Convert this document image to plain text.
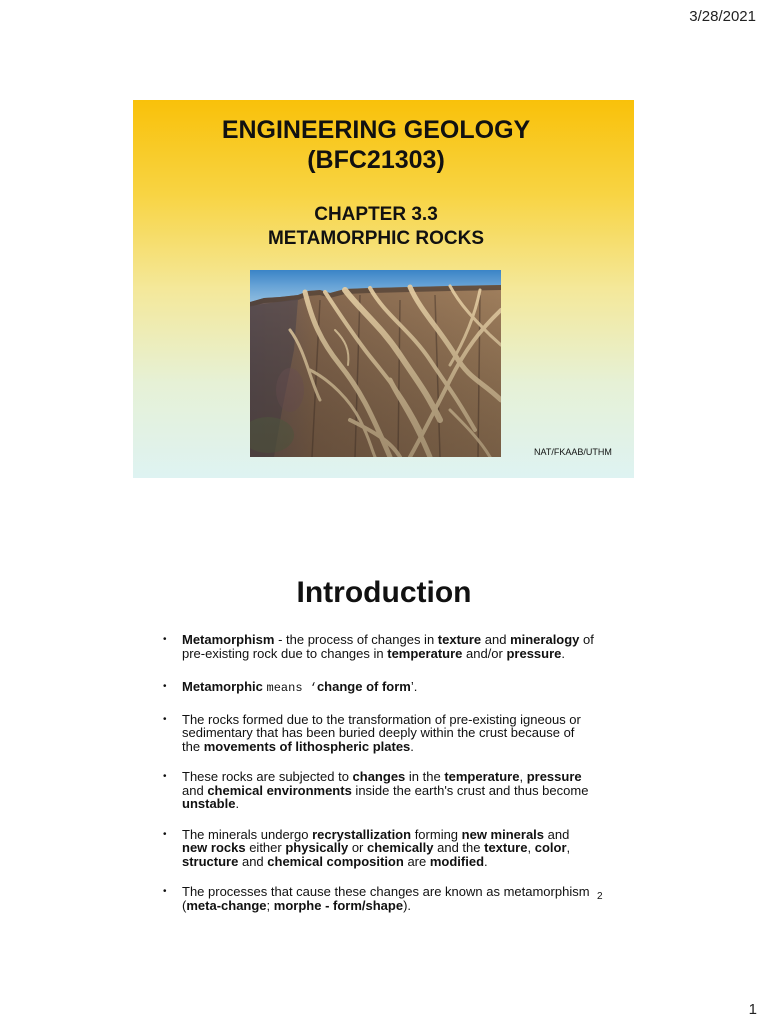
3/28/2021
ENGINEERING GEOLOGY
(BFC21303)
CHAPTER 3.3
METAMORPHIC ROCKS
NAT/FKAAB/UTHM
Introduction
•	Metamorphism - the process of changes in texture and mineralogy of
pre-existing rock due to changes in temperature and/or pressure.
•	Metamorphic means ‘change of form’.
•	The rocks formed due to the transformation of pre-existing igneous or
sedimentary that has been buried deeply within the crust because of
the movements of lithospheric plates.
•	These rocks are subjected to changes in the temperature, pressure
and chemical environments inside the earth's crust and thus become
unstable.
•	The minerals undergo recrystallization forming new minerals and
new rocks either physically or chemically and the texture, color,
structure and chemical composition are modified.
•	The processes that cause these changes are known as metamorphism
(meta-change; morphe - form/shape).
2
1
